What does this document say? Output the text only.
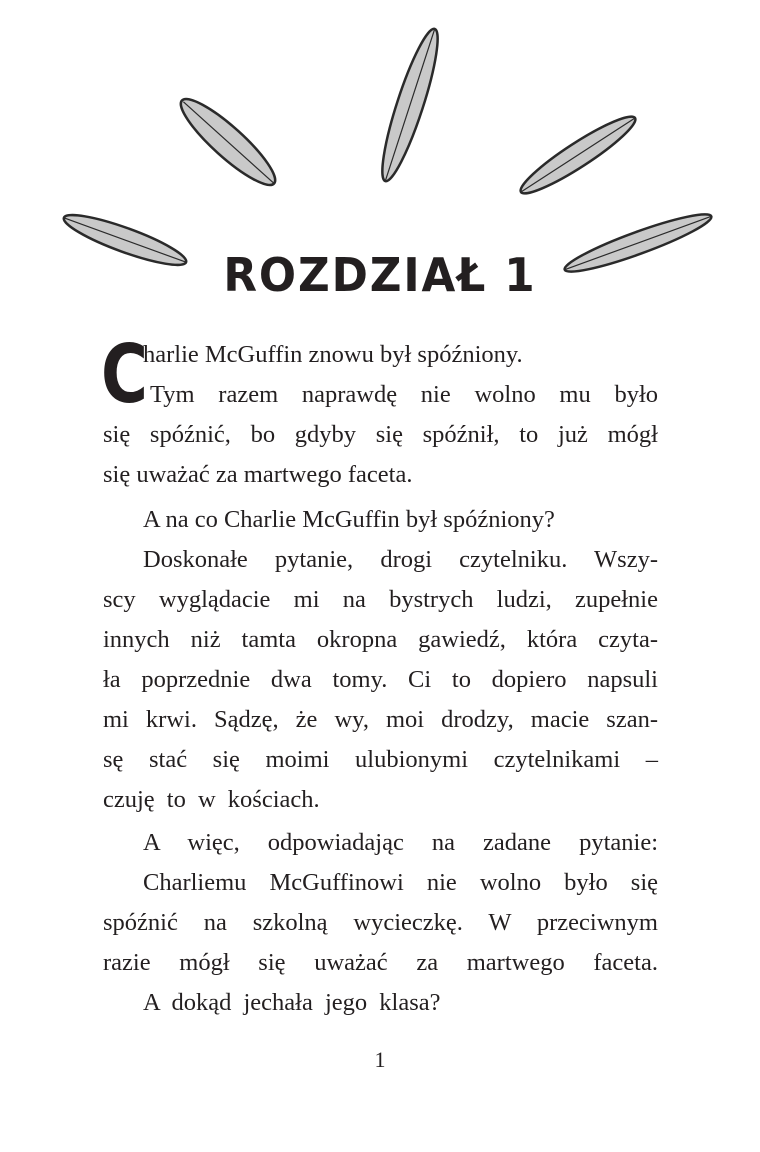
ROZDZIAŁ 1
C
harlie McGuffin znowu był spóźniony.
Tym razem naprawdę nie wolno mu było
się spóźnić, bo gdyby się spóźnił, to już mógł
się uważać za martwego faceta.
A na co Charlie McGuffin był spóźniony?
Doskonałe pytanie, drogi czytelniku. Wszy-
scy wyglądacie mi na bystrych ludzi, zupełnie
innych niż tamta okropna gawiedź, która czyta-
ła poprzednie dwa tomy. Ci to dopiero napsuli
mi krwi. Sądzę, że wy, moi drodzy, macie szan-
sę stać się moimi ulubionymi czytelnikami –
czuję to w kościach.
A więc, odpowiadając na zadane pytanie:
Charliemu McGuffinowi nie wolno było się
spóźnić na szkolną wycieczkę. W przeciwnym
razie mógł się uważać za martwego faceta.
A dokąd jechała jego klasa?
1
